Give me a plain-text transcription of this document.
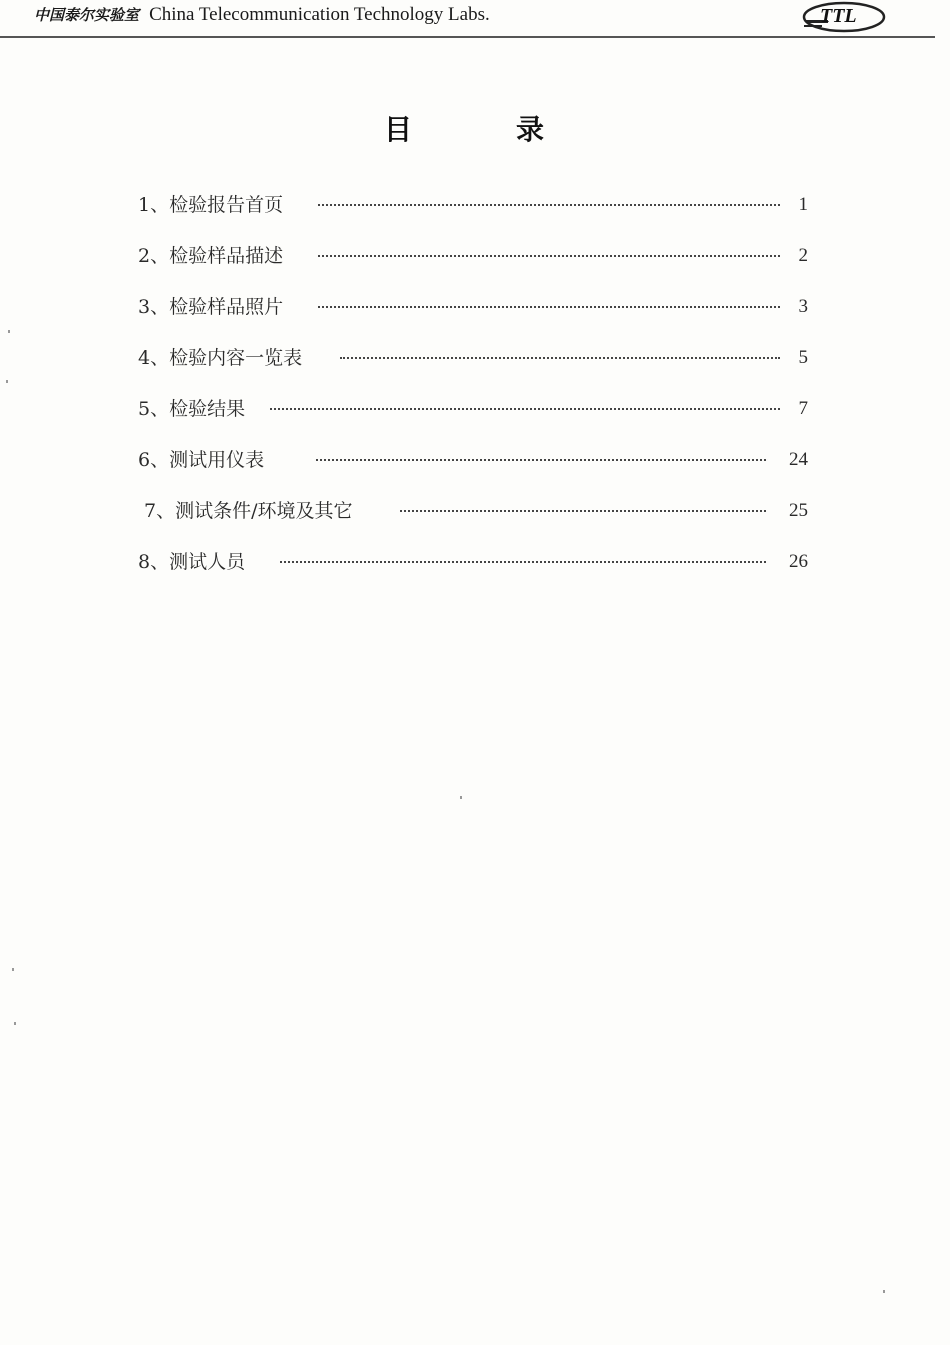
中国泰尔实验室 China Telecommunication Technology Labs.	TTL
目	录
1、检验报告首页	1
2、检验样品描述	2
3、检验样品照片	3
4、检验内容一览表	5
5、检验结果	7
6、测试用仪表	24
7、测试条件/环境及其它	25
8、测试人员	26
